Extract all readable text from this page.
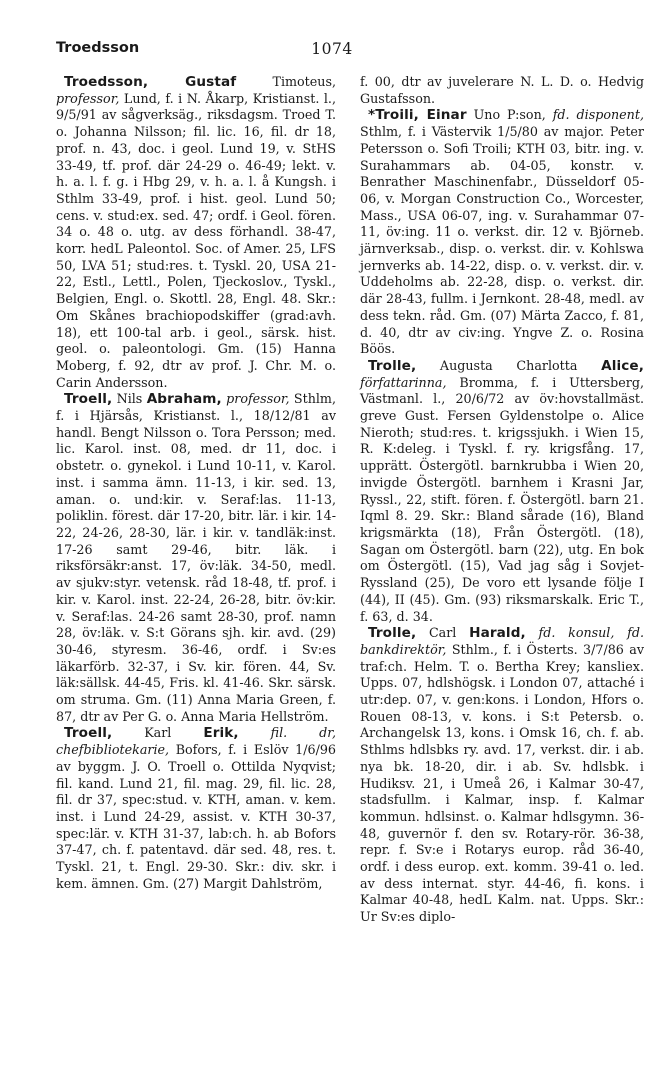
Troedsson	1074

Troedsson, Gustaf Timoteus, professor, Lund, f. i N. Åkarp, Kristianst. l., 9/5/91 av sågverksäg., riksdagsm. Troed T. o. Johanna Nilsson; fil. lic. 16, fil. dr 18, prof. n. 43, doc. i geol. Lund 19, v. StHS 33-49, tf. prof. där 24-29 o. 46-49; lekt. v. h. a. l. f. g. i Hbg 29, v. h. a. l. å Kungsh. i Sthlm 33-49, prof. i hist. geol. Lund 50; cens. v. stud:ex. sed. 47; ordf. i Geol. fören. 34 o. 48 o. utg. av dess förhandl. 38-47, korr. hedL Paleontol. Soc. of Amer. 25, LFS 50, LVA 51; stud:res. t. Tyskl. 20, USA 21-22, Estl., Lettl., Polen, Tjeckoslov., Tyskl., Belgien, Engl. o. Skottl. 28, Engl. 48. Skr.: Om Skånes brachiopodskiffer (grad:avh. 18), ett 100-tal arb. i geol., särsk. hist. geol. o. paleontologi. Gm. (15) Hanna Moberg, f. 92, dtr av prof. J. Chr. M. o. Carin Andersson.

Troell, Nils Abraham, professor, Sthlm, f. i Hjärsås, Kristianst. l., 18/12/81 av handl. Bengt Nilsson o. Tora Persson; med. lic. Karol. inst. 08, med. dr 11, doc. i obstetr. o. gynekol. i Lund 10-11, v. Karol. inst. i samma ämn. 11-13, i kir. sed. 13, aman. o. und:kir. v. Seraf:las. 11-13, poliklin. förest. där 17-20, bitr. lär. i kir. 14-22, 24-26, 28-30, lär. i kir. v. tandläk:inst. 17-26 samt 29-46, bitr. läk. i riksförsäkr:anst. 17, öv:läk. 34-50, medl. av sjukv:styr. vetensk. råd 18-48, tf. prof. i kir. v. Karol. inst. 22-24, 26-28, bitr. öv:kir. v. Seraf:las. 24-26 samt 28-30, prof. namn 28, öv:läk. v. S:t Görans sjh. kir. avd. (29) 30-46, styresm. 36-46, ordf. i Sv:es läkarförb. 32-37, i Sv. kir. fören. 44, Sv. läk:sällsk. 44-45, Fris. kl. 41-46. Skr. särsk. om struma. Gm. (11) Anna Maria Green, f. 87, dtr av Per G. o. Anna Maria Hellström.

Troell, Karl Erik, fil. dr, chefbibliotekarie, Bofors, f. i Eslöv 1/6/96 av byggm. J. O. Troell o. Ottilda Nyqvist; fil. kand. Lund 21, fil. mag. 29, fil. lic. 28, fil. dr 37, spec:stud. v. KTH, aman. v. kem. inst. i Lund 24-29, assist. v. KTH 30-37, spec:lär. v. KTH 31-37, lab:ch. h. ab Bofors 37-47, ch. f. patentavd. där sed. 48, res. t. Tyskl. 21, t. Engl. 29-30. Skr.: div. skr. i kem. ämnen. Gm. (27) Margit Dahlström,

f. 00, dtr av juvelerare N. L. D. o. Hedvig Gustafsson.

*Troili, Einar Uno P:son, fd. disponent, Sthlm, f. i Västervik 1/5/80 av major. Peter Petersson o. Sofi Troili; KTH 03, bitr. ing. v. Surahammars ab. 04-05, konstr. v. Benrather Maschinenfabr., Düsseldorf 05-06, v. Morgan Construction Co., Worcester, Mass., USA 06-07, ing. v. Surahammar 07-11, öv:ing. 11 o. verkst. dir. 12 v. Björneb. järnverksab., disp. o. verkst. dir. v. Kohlswa jernverks ab. 14-22, disp. o. v. verkst. dir. v. Uddeholms ab. 22-28, disp. o. verkst. dir. där 28-43, fullm. i Jernkont. 28-48, medl. av dess tekn. råd. Gm. (07) Märta Zacco, f. 81, d. 40, dtr av civ:ing. Yngve Z. o. Rosina Böös.

Trolle, Augusta Charlotta Alice, författarinna, Bromma, f. i Uttersberg, Västmanl. l., 20/6/72 av öv:hovstallmäst. greve Gust. Fersen Gyldenstolpe o. Alice Nieroth; stud:res. t. krigssjukh. i Wien 15, R. K:deleg. i Tyskl. f. ry. krigsfång. 17, upprätt. Östergötl. barnkrubba i Wien 20, invigde Östergötl. barnhem i Krasni Jar, Ryssl., 22, stift. fören. f. Östergötl. barn 21. Iqml 8. 29. Skr.: Bland sårade (16), Bland krigsmärkta (18), Från Östergötl. (18), Sagan om Östergötl. barn (22), utg. En bok om Östergötl. (15), Vad jag såg i Sovjet-Ryssland (25), De voro ett lysande följe I (44), II (45). Gm. (93) riksmarskalk. Eric T., f. 63, d. 34.

Trolle, Carl Harald, fd. konsul, fd. bankdirektör, Sthlm., f. i Österts. 3/7/86 av traf:ch. Helm. T. o. Bertha Krey; kansliex. Upps. 07, hdlshögsk. i London 07, attaché i utr:dep. 07, v. gen:kons. i London, Hfors o. Rouen 08-13, v. kons. i S:t Petersb. o. Archangelsk 13, kons. i Omsk 16, ch. f. ab. Sthlms hdlsbks ry. avd. 17, verkst. dir. i ab. nya bk. 18-20, dir. i ab. Sv. hdlsbk. i Hudiksv. 21, i Umeå 26, i Kalmar 30-47, stadsfullm. i Kalmar, insp. f. Kalmar kommun. hdlsinst. o. Kalmar hdlsgymn. 36-48, guvernör f. den sv. Rotary-rör. 36-38, repr. f. Sv:e i Rotarys europ. råd 36-40, ordf. i dess europ. ext. komm. 39-41 o. led. av dess internat. styr. 44-46, fi. kons. i Kalmar 40-48, hedL Kalm. nat. Upps. Skr.: Ur Sv:es diplo-
